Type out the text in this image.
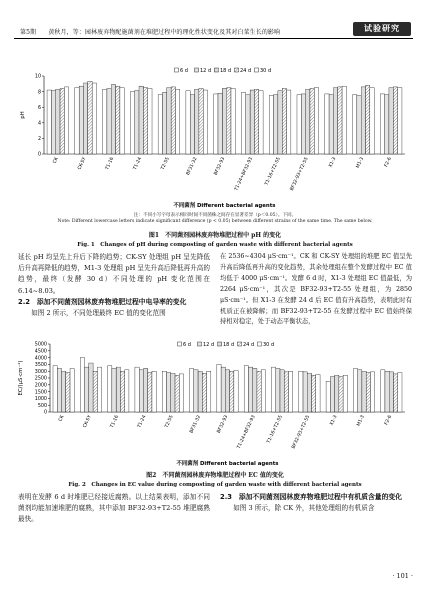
第5期　　黄秋月，等：园林废弃物配施菌剂在堆肥过程中的理化性状变化及其对白菜生长的影响	试验研究
6 d 12 d 18 d 24 d 30 d
0
2
4
6
8
10
pH
CK	CK-SY	T1-16	T1-24	T2-55	BF31-32	BF32-93 T1-24+BF32-93 T1-16+T2-55 BF32-93+T2-55	X1-3	M1-3	F2-6
不同菌剂 Different bacterial agents
注：不同小写字母表示相同时间不同菌株之间存在显著差异（p＜0.05）。下同。
Note: Different lowercase letters indicate significant difference (p < 0.05) between different strains of the same time. The same below.
图1　不同菌剂园林废弃物堆肥过程中 pH 的变化
Fig. 1　Changes of pH during composting of garden waste with different bacterial agents

延长 pH 均呈先上升后下降的趋势；CK-SY 处理组 pH 呈先降低后升高再降低的趋势，M1-3 处理组 pH 呈先升高后降低再升高的趋势，最终（发酵 30 d）不同处理的 pH 变化范围在 6.14~8.03。

2.2　添加不同菌剂园林废弃物堆肥过程中电导率的变化

如图 2 所示，不同处理最终 EC 值的变化范围

在 2536~4304 μS·cm⁻¹。CK 和 CK-SY 处理组的堆肥 EC 值呈先升高后降低再升高的变化趋势，其余处理组在整个发酵过程中 EC 值均低于 4000 μS·cm⁻¹。发酵 6 d 时，X1-3 处理组 EC 值最低，为 2264 μS·cm⁻¹，其次是 BF32-93+T2-55 处理组，为 2850 μS·cm⁻¹。但 X1-3 在发酵 24 d 后 EC 值有升高趋势，表明此时有机质正在被降解；而 BF32-93+T2-55 在发酵过程中 EC 值始终保持相对稳定，处于动态平衡状态，

6 d 12 d 18 d 24 d 30 d
0
500
1000
1500
2000
2500
3000
3500
4000
4500
5000
EC/(μS·cm⁻¹)
CK	CK-SY	T1-16	T1-24	T2-55	BF31-32	BF32-93 T1-24+BF32-93 T1-16+T2-55 BF32-93+T2-55	X1-3	M1-3	F2-6
不同菌剂 Different bacterial agents
图2　不同菌剂园林废弃物堆肥过程中 EC 值的变化
Fig. 2　Changes in EC value during composting of garden waste with different bacterial agents

表明在发酵 6 d 时堆肥已经接近腐熟。以上结果表明，添加不同菌剂均能加速堆肥的腐熟，其中添加 BF32-93+T2-55 堆肥腐熟最快。

2.3　添加不同菌剂园林废弃物堆肥过程中有机质含量的变化

如图 3 所示，除 CK 外，其他处理组的有机质含

· 101 ·
